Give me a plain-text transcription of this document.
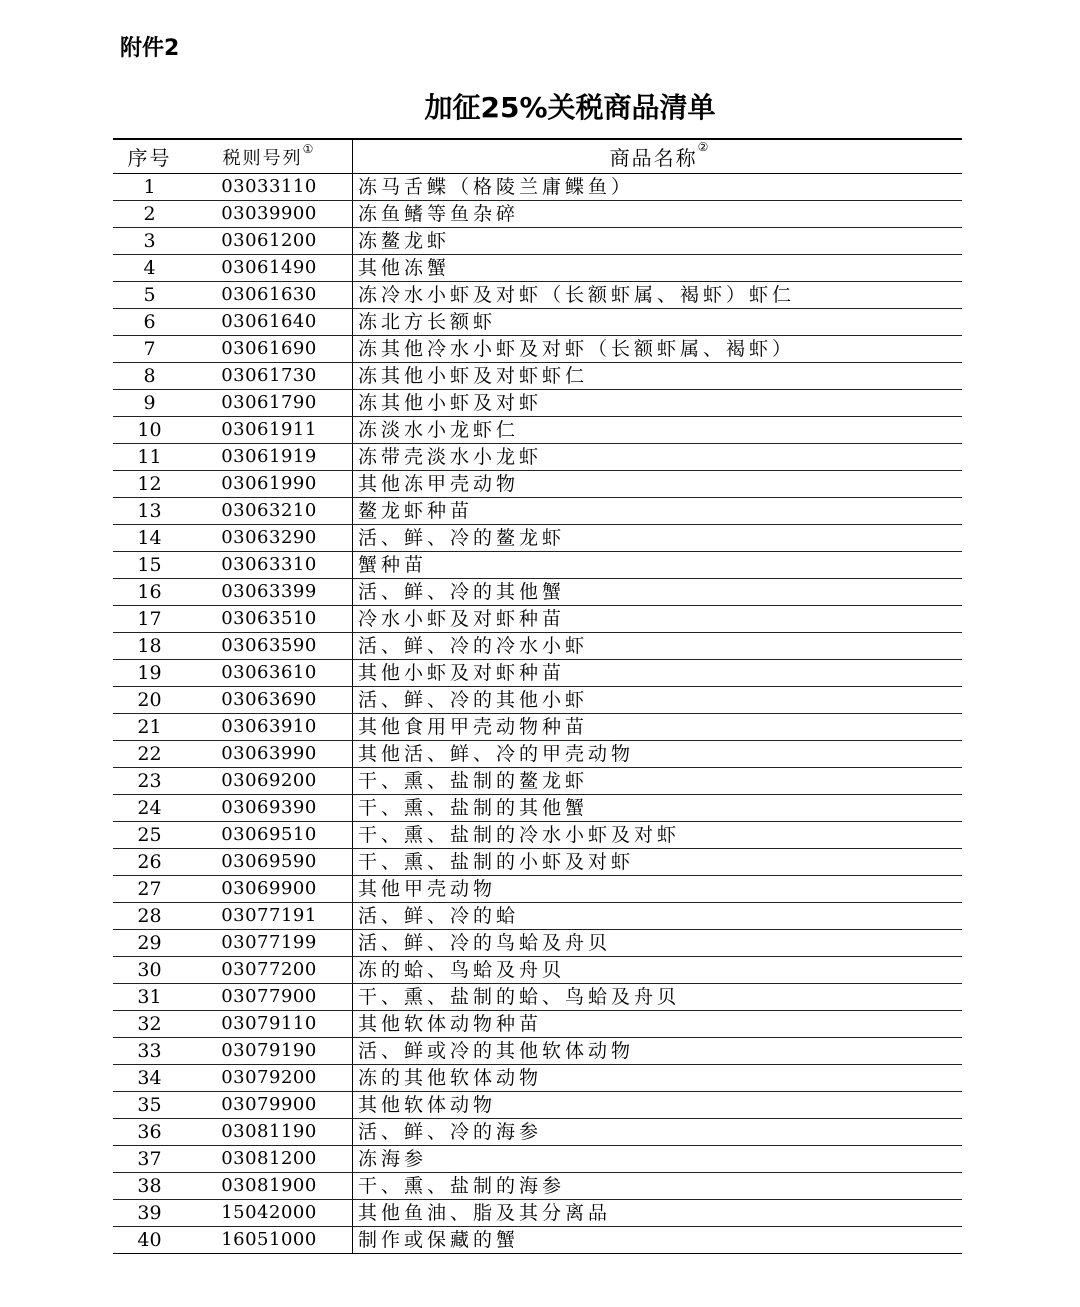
附件2
加征25%关税商品清单
序号	税则号列①	商品名称②
1	03033110	冻马舌鲽（格陵兰庸鲽鱼）
2	03039900	冻鱼鳍等鱼杂碎
3	03061200	冻鳌龙虾
4	03061490	其他冻蟹
5	03061630	冻冷水小虾及对虾（长额虾属、褐虾）虾仁
6	03061640	冻北方长额虾
7	03061690	冻其他冷水小虾及对虾（长额虾属、褐虾）
8	03061730	冻其他小虾及对虾虾仁
9	03061790	冻其他小虾及对虾
10	03061911	冻淡水小龙虾仁
11	03061919	冻带壳淡水小龙虾
12	03061990	其他冻甲壳动物
13	03063210	鳌龙虾种苗
14	03063290	活、鲜、冷的鳌龙虾
15	03063310	蟹种苗
16	03063399	活、鲜、冷的其他蟹
17	03063510	冷水小虾及对虾种苗
18	03063590	活、鲜、冷的冷水小虾
19	03063610	其他小虾及对虾种苗
20	03063690	活、鲜、冷的其他小虾
21	03063910	其他食用甲壳动物种苗
22	03063990	其他活、鲜、冷的甲壳动物
23	03069200	干、熏、盐制的鳌龙虾
24	03069390	干、熏、盐制的其他蟹
25	03069510	干、熏、盐制的冷水小虾及对虾
26	03069590	干、熏、盐制的小虾及对虾
27	03069900	其他甲壳动物
28	03077191	活、鲜、冷的蛤
29	03077199	活、鲜、冷的鸟蛤及舟贝
30	03077200	冻的蛤、鸟蛤及舟贝
31	03077900	干、熏、盐制的蛤、鸟蛤及舟贝
32	03079110	其他软体动物种苗
33	03079190	活、鲜或冷的其他软体动物
34	03079200	冻的其他软体动物
35	03079900	其他软体动物
36	03081190	活、鲜、冷的海参
37	03081200	冻海参
38	03081900	干、熏、盐制的海参
39	15042000	其他鱼油、脂及其分离品
40	16051000	制作或保藏的蟹
